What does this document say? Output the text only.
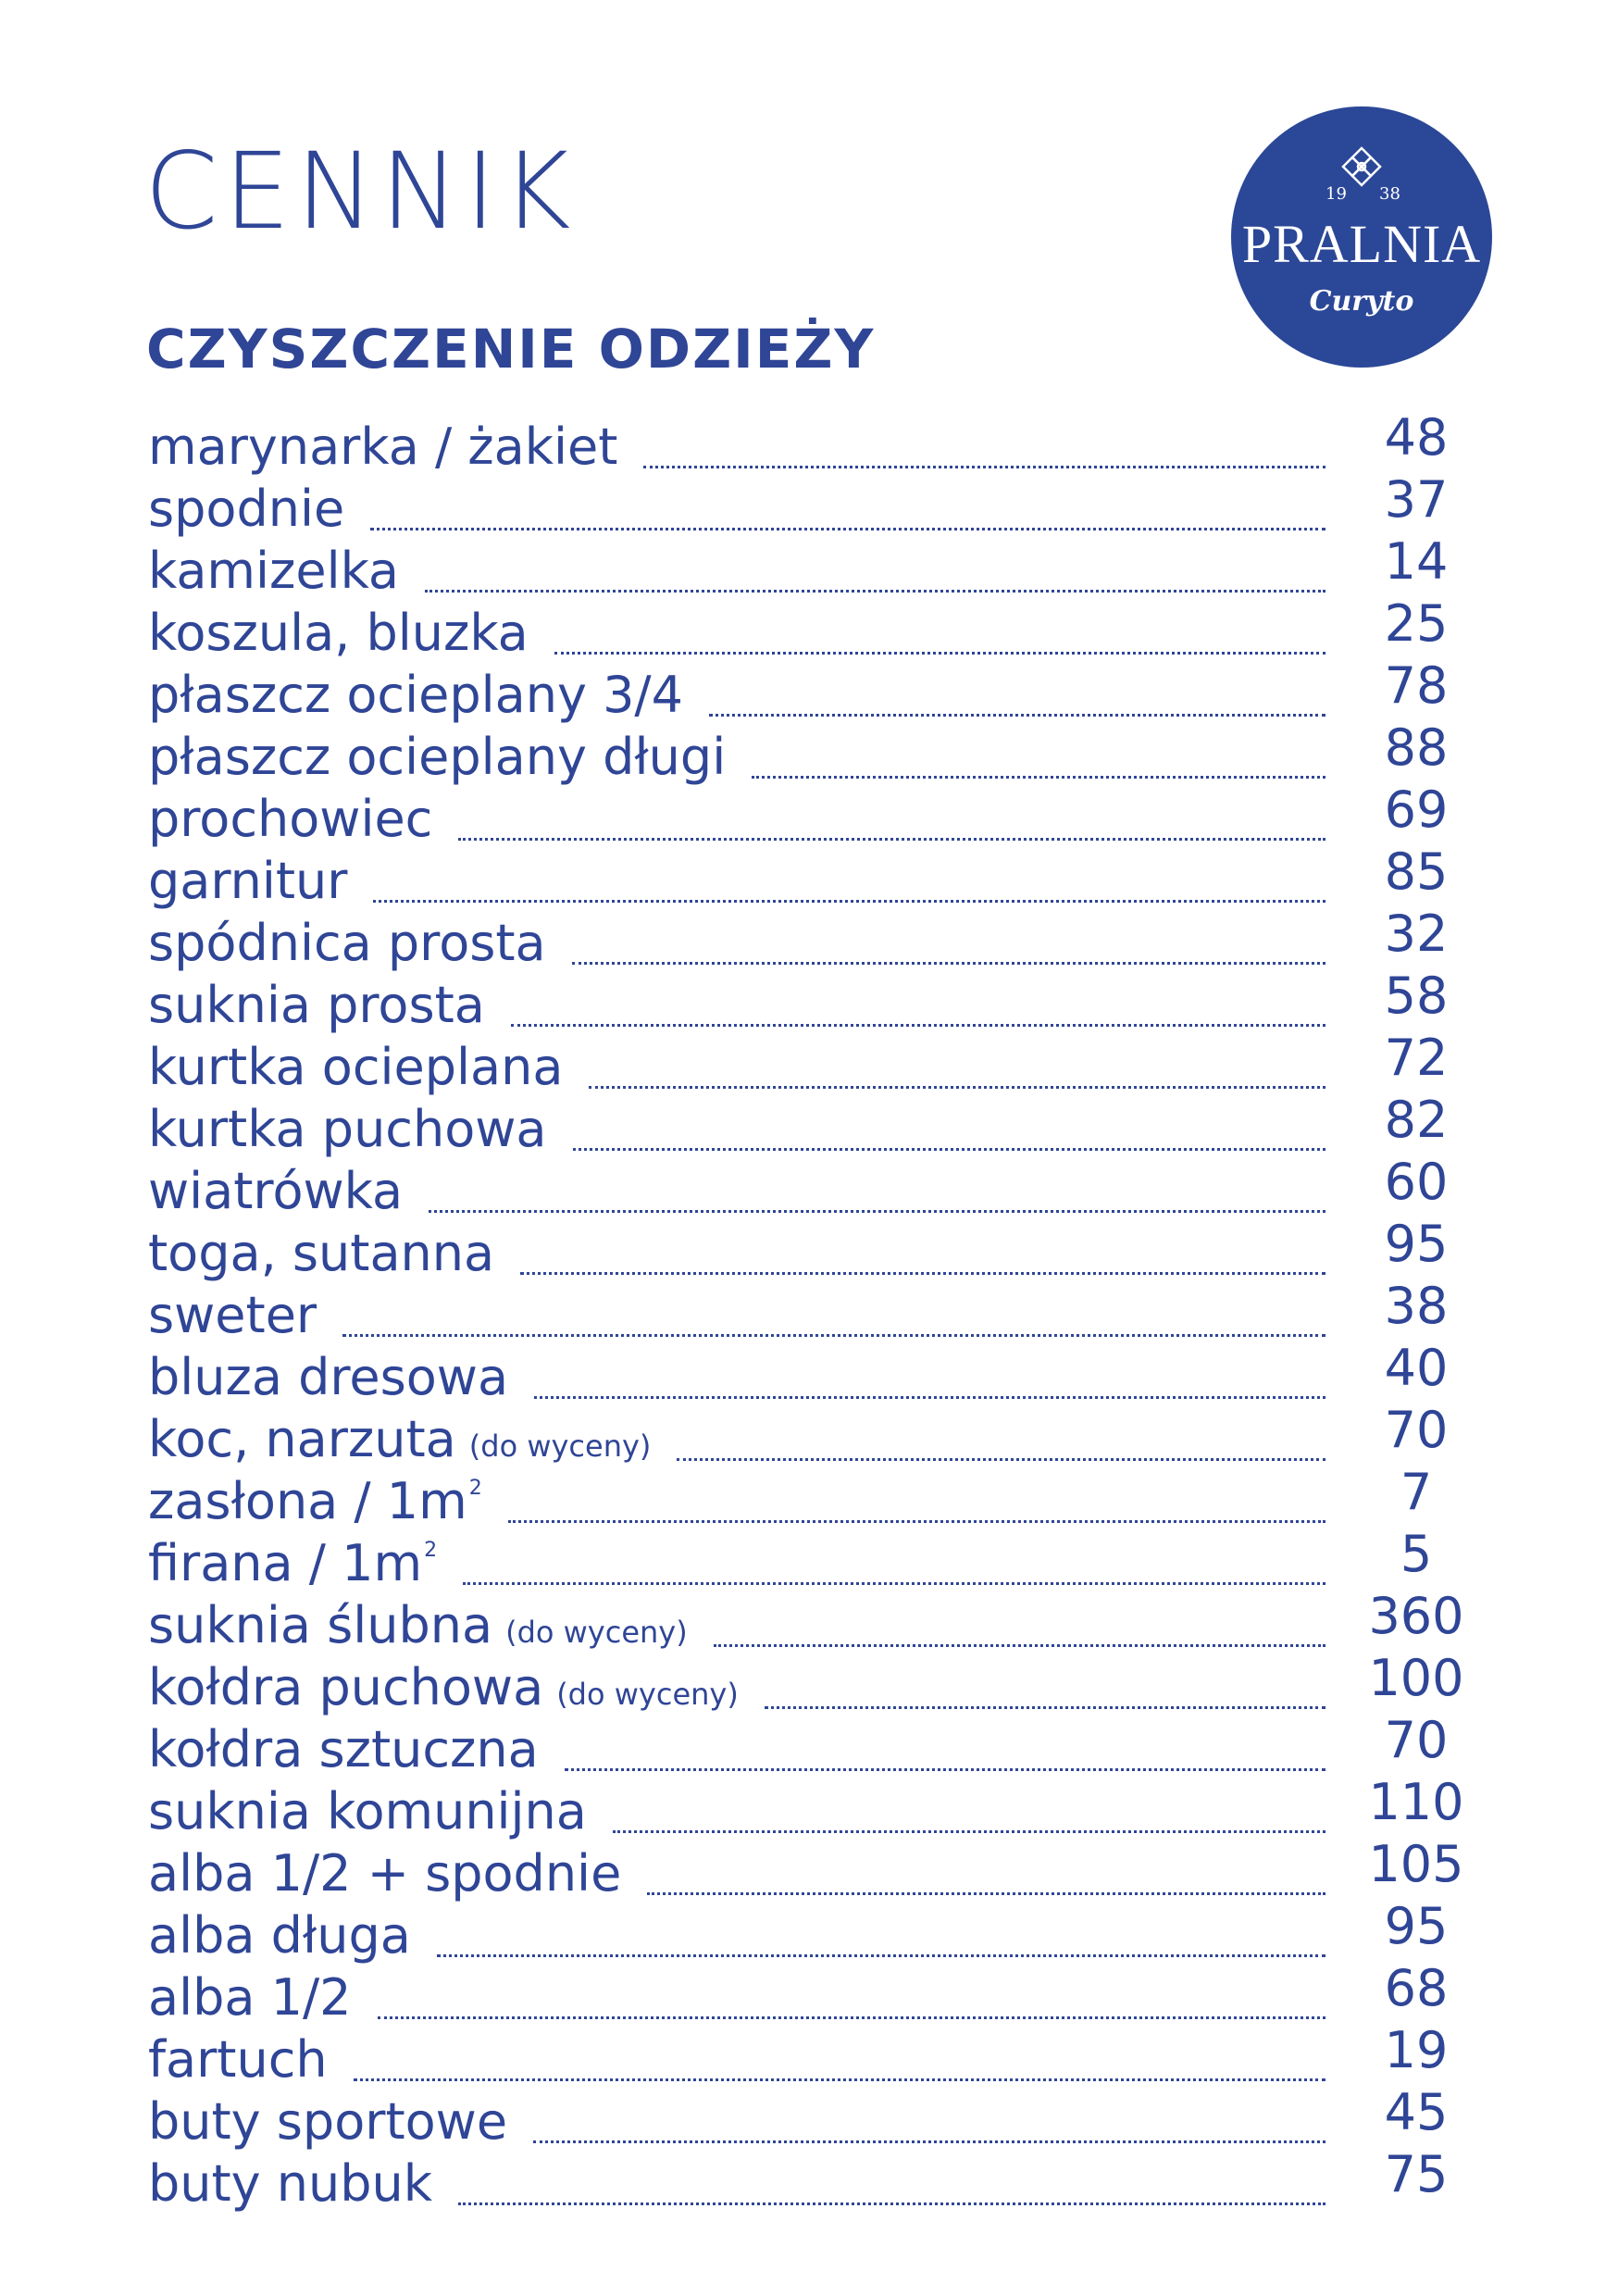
CENNIK
CZYSZCZENIE ODZIEŻY
19 38
PRALNIA
Curyto
marynarka / żakiet	48
spodnie	37
kamizelka	14
koszula, bluzka	25
płaszcz ocieplany 3/4	78
płaszcz ocieplany długi	88
prochowiec	69
garnitur	85
spódnica prosta	32
suknia prosta	58
kurtka ocieplana	72
kurtka puchowa	82
wiatrówka	60
toga, sutanna	95
sweter	38
bluza dresowa	40
koc, narzuta (do wyceny)	70
zasłona / $1m^2$	7
firana / $1m^2$	5
suknia ślubna (do wyceny)	360
kołdra puchowa (do wyceny)	100
kołdra sztuczna	70
suknia komunijna	110
alba 1/2 + spodnie	105
alba długa	95
alba 1/2	68
fartuch	19
buty sportowe	45
buty nubuk	75
